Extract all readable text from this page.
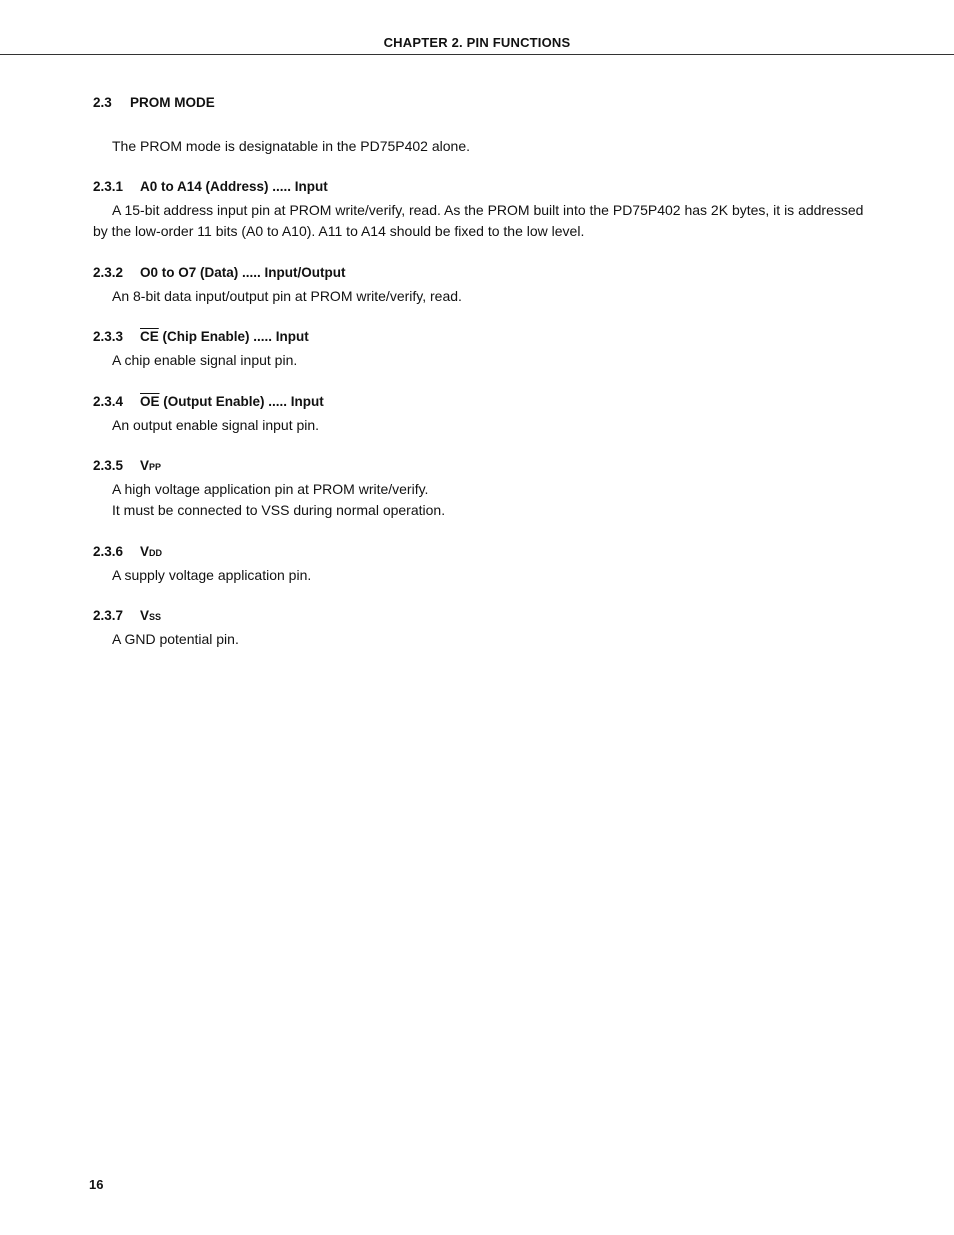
CHAPTER 2. PIN FUNCTIONS
2.3 PROM MODE
The PROM mode is designatable in the PD75P402 alone.
2.3.1 A0 to A14 (Address) ..... Input
A 15-bit address input pin at PROM write/verify, read. As the PROM built into the PD75P402 has 2K bytes, it is addressed by the low-order 11 bits (A0 to A10). A11 to A14 should be fixed to the low level.
2.3.2 O0 to O7 (Data) ..... Input/Output
An 8-bit data input/output pin at PROM write/verify, read.
2.3.3 $\overline{CE}$ (Chip Enable) ..... Input
A chip enable signal input pin.
2.3.4 $\overline{OE}$ (Output Enable) ..... Input
An output enable signal input pin.
2.3.5 VPP
A high voltage application pin at PROM write/verify.
It must be connected to VSS during normal operation.
2.3.6 VDD
A supply voltage application pin.
2.3.7 VSS
A GND potential pin.
16
